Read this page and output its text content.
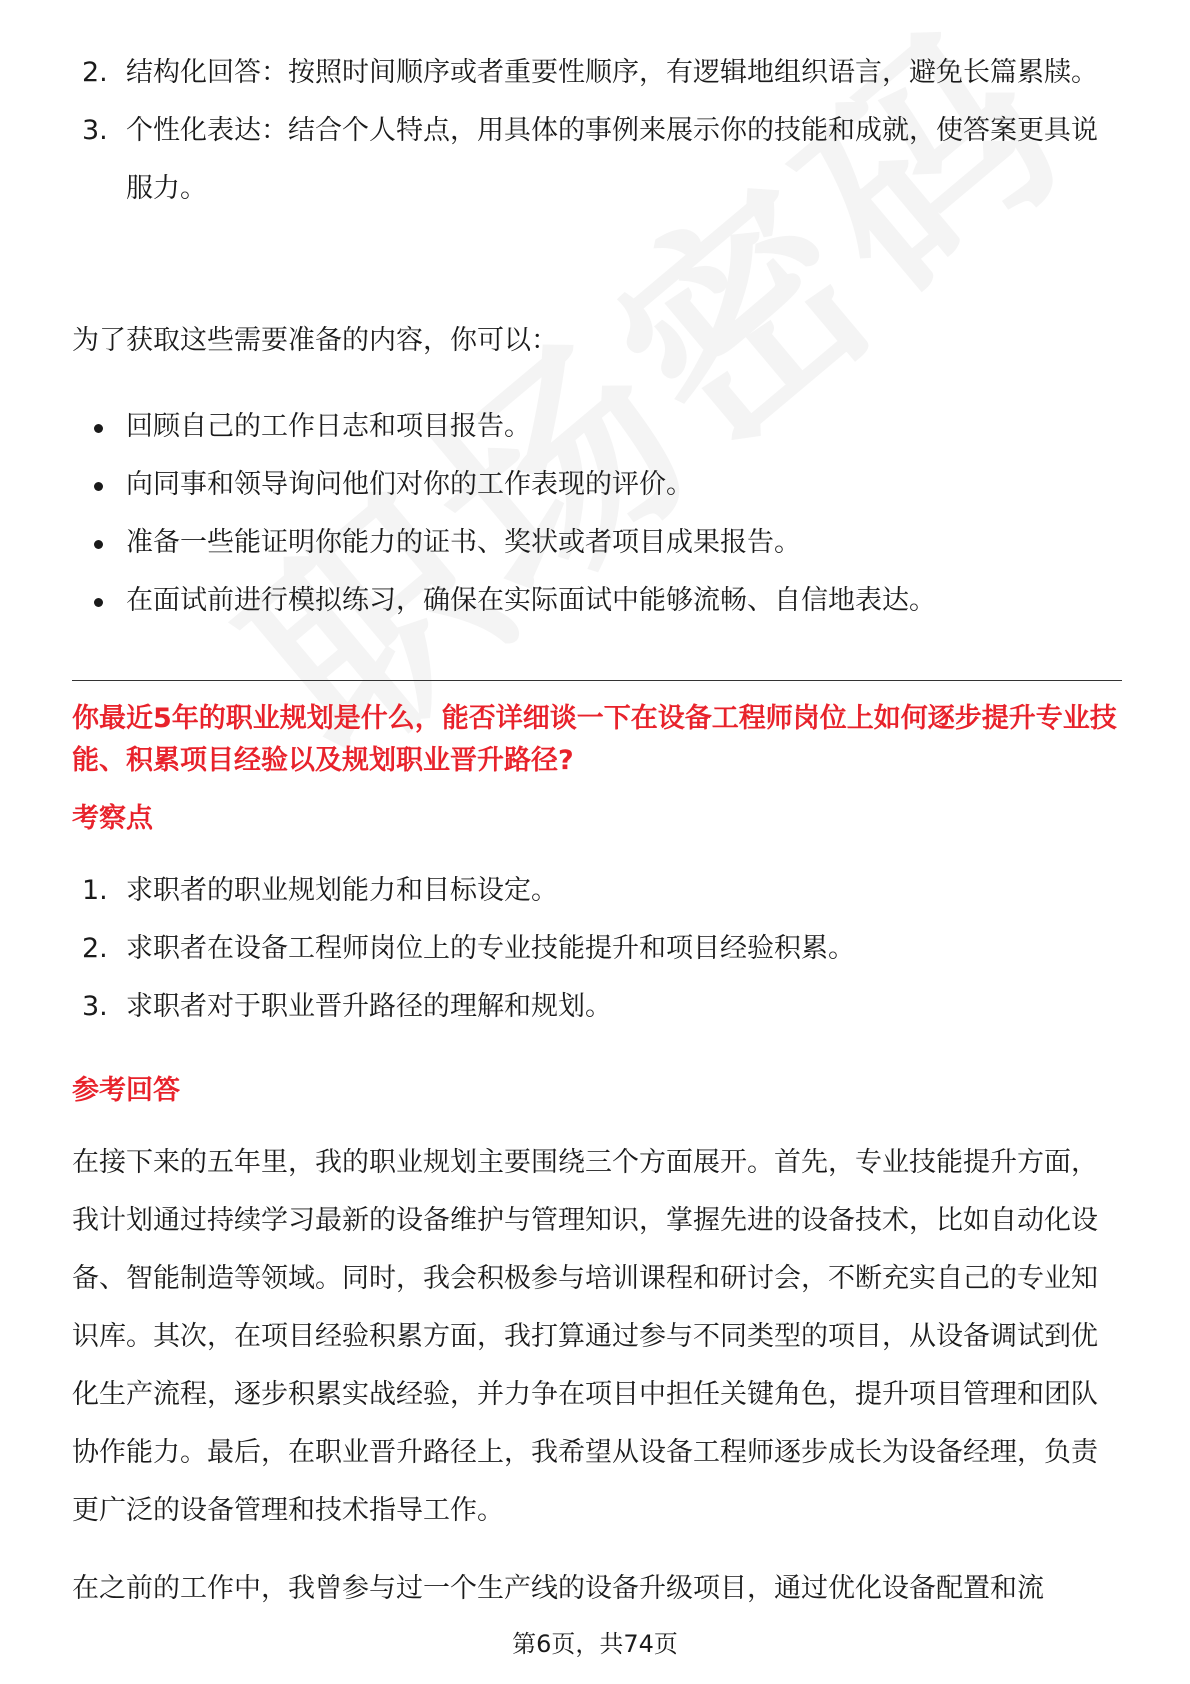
2. 结构化回答：按照时间顺序或者重要性顺序，有逻辑地组织语言，避免长篇累牍。
3. 个性化表达：结合个人特点，用具体的事例来展示你的技能和成就，使答案更具说服力。

为了获取这些需要准备的内容，你可以：

回顾自己的工作日志和项目报告。
向同事和领导询问他们对你的工作表现的评价。
准备一些能证明你能力的证书、奖状或者项目成果报告。
在面试前进行模拟练习，确保在实际面试中能够流畅、自信地表达。

你最近5年的职业规划是什么，能否详细谈一下在设备工程师岗位上如何逐步提升专业技能、积累项目经验以及规划职业晋升路径?

考察点

1. 求职者的职业规划能力和目标设定。
2. 求职者在设备工程师岗位上的专业技能提升和项目经验积累。
3. 求职者对于职业晋升路径的理解和规划。

参考回答

在接下来的五年里，我的职业规划主要围绕三个方面展开。首先，专业技能提升方面，我计划通过持续学习最新的设备维护与管理知识，掌握先进的设备技术，比如自动化设备、智能制造等领域。同时，我会积极参与培训课程和研讨会，不断充实自己的专业知识库。其次，在项目经验积累方面，我打算通过参与不同类型的项目，从设备调试到优化生产流程，逐步积累实战经验，并力争在项目中担任关键角色，提升项目管理和团队协作能力。最后，在职业晋升路径上，我希望从设备工程师逐步成长为设备经理，负责更广泛的设备管理和技术指导工作。

在之前的工作中，我曾参与过一个生产线的设备升级项目，通过优化设备配置和流

第6页，共74页
